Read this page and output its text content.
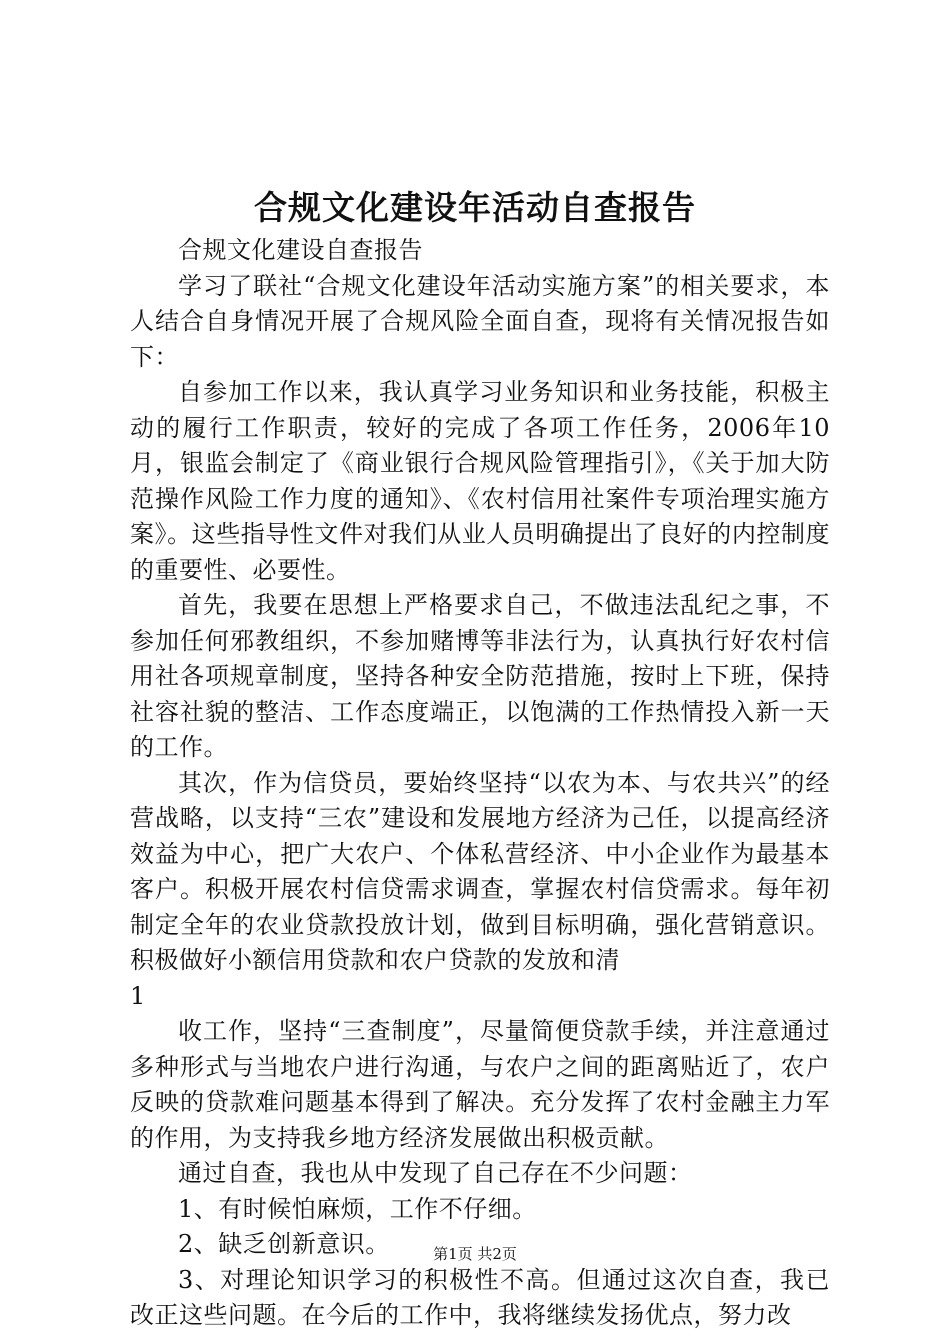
合规文化建设年活动自查报告

合规文化建设自查报告

学习了联社“合规文化建设年活动实施方案”的相关要求，本人结合自身情况开展了合规风险全面自查，现将有关情况报告如下：

自参加工作以来，我认真学习业务知识和业务技能，积极主动的履行工作职责，较好的完成了各项工作任务，2006年10月，银监会制定了《商业银行合规风险管理指引》，《关于加大防范操作风险工作力度的通知》、《农村信用社案件专项治理实施方案》。这些指导性文件对我们从业人员明确提出了良好的内控制度的重要性、必要性。

首先，我要在思想上严格要求自己，不做违法乱纪之事，不参加任何邪教组织，不参加赌博等非法行为，认真执行好农村信用社各项规章制度，坚持各种安全防范措施，按时上下班，保持社容社貌的整洁、工作态度端正，以饱满的工作热情投入新一天的工作。

其次，作为信贷员，要始终坚持“以农为本、与农共兴”的经营战略，以支持“三农”建设和发展地方经济为己任，以提高经济效益为中心，把广大农户、个体私营经济、中小企业作为最基本客户。积极开展农村信贷需求调查，掌握农村信贷需求。每年初制定全年的农业贷款投放计划，做到目标明确，强化营销意识。积极做好小额信用贷款和农户贷款的发放和清

1

收工作，坚持“三查制度”，尽量简便贷款手续，并注意通过多种形式与当地农户进行沟通，与农户之间的距离贴近了，农户反映的贷款难问题基本得到了解决。充分发挥了农村金融主力军的作用，为支持我乡地方经济发展做出积极贡献。

通过自查，我也从中发现了自己存在不少问题：

1、有时候怕麻烦，工作不仔细。

2、缺乏创新意识。

3、对理论知识学习的积极性不高。但通过这次自查，我已改正这些问题。在今后的工作中，我将继续发扬优点，努力改

第1页 共2页
